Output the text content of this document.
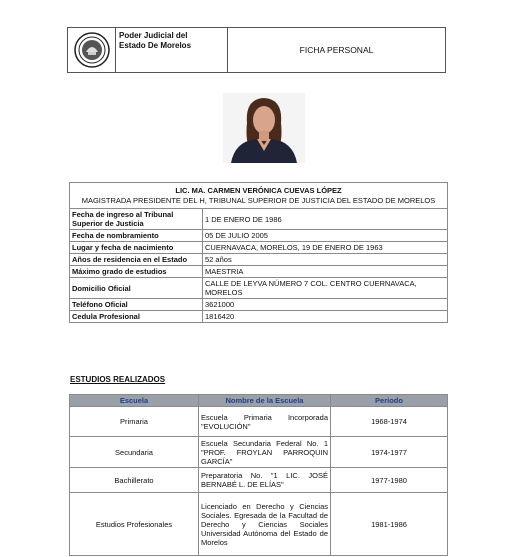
Poder Judicial del
Estado De Morelos	FICHA PERSONAL
LIC. MA. CARMEN VERÓNICA CUEVAS LÓPEZ
MAGISTRADA PRESIDENTE DEL H, TRIBUNAL SUPERIOR DE JUSTICIA DEL ESTADO DE MORELOS	

Fecha de ingreso al Tribunal Superior de Justicia	1 DE ENERO DE 1986
Fecha de nombramiento	05 DE JULIO 2005
Lugar y fecha de nacimiento	CUERNAVACA, MORELOS, 19 DE ENERO DE 1963
Años de residencia en el Estado	52 años
Máximo grado de estudios	MAESTRIA
Domicilio Oficial	CALLE DE LEYVA NÚMERO 7 COL. CENTRO CUERNAVACA, MORELOS
Teléfono Oficial	3621000
Cedula Profesional	1816420
ESTUDIOS REALIZADOS
Escuela	Nombre de la Escuela	Periodo
Primaria	Escuela Primaria Incorporada "EVOLUCIÓN"	1968-1974
Secundaria	Escuela Secundaria Federal No. 1 "PROF. FROYLAN PARROQUIN GARCÍA"	1974-1977
Bachillerato	Preparatoria No. "1 LIC. JOSÉ BERNABÉ L. DE ELÍAS"	1977-1980
Estudios Profesionales	Licenciado en Derecho y Ciencias Sociales. Egresada de la Facultad de Derecho y Ciencias Sociales Universidad Autónoma del Estado de Morelos	1981-1986
